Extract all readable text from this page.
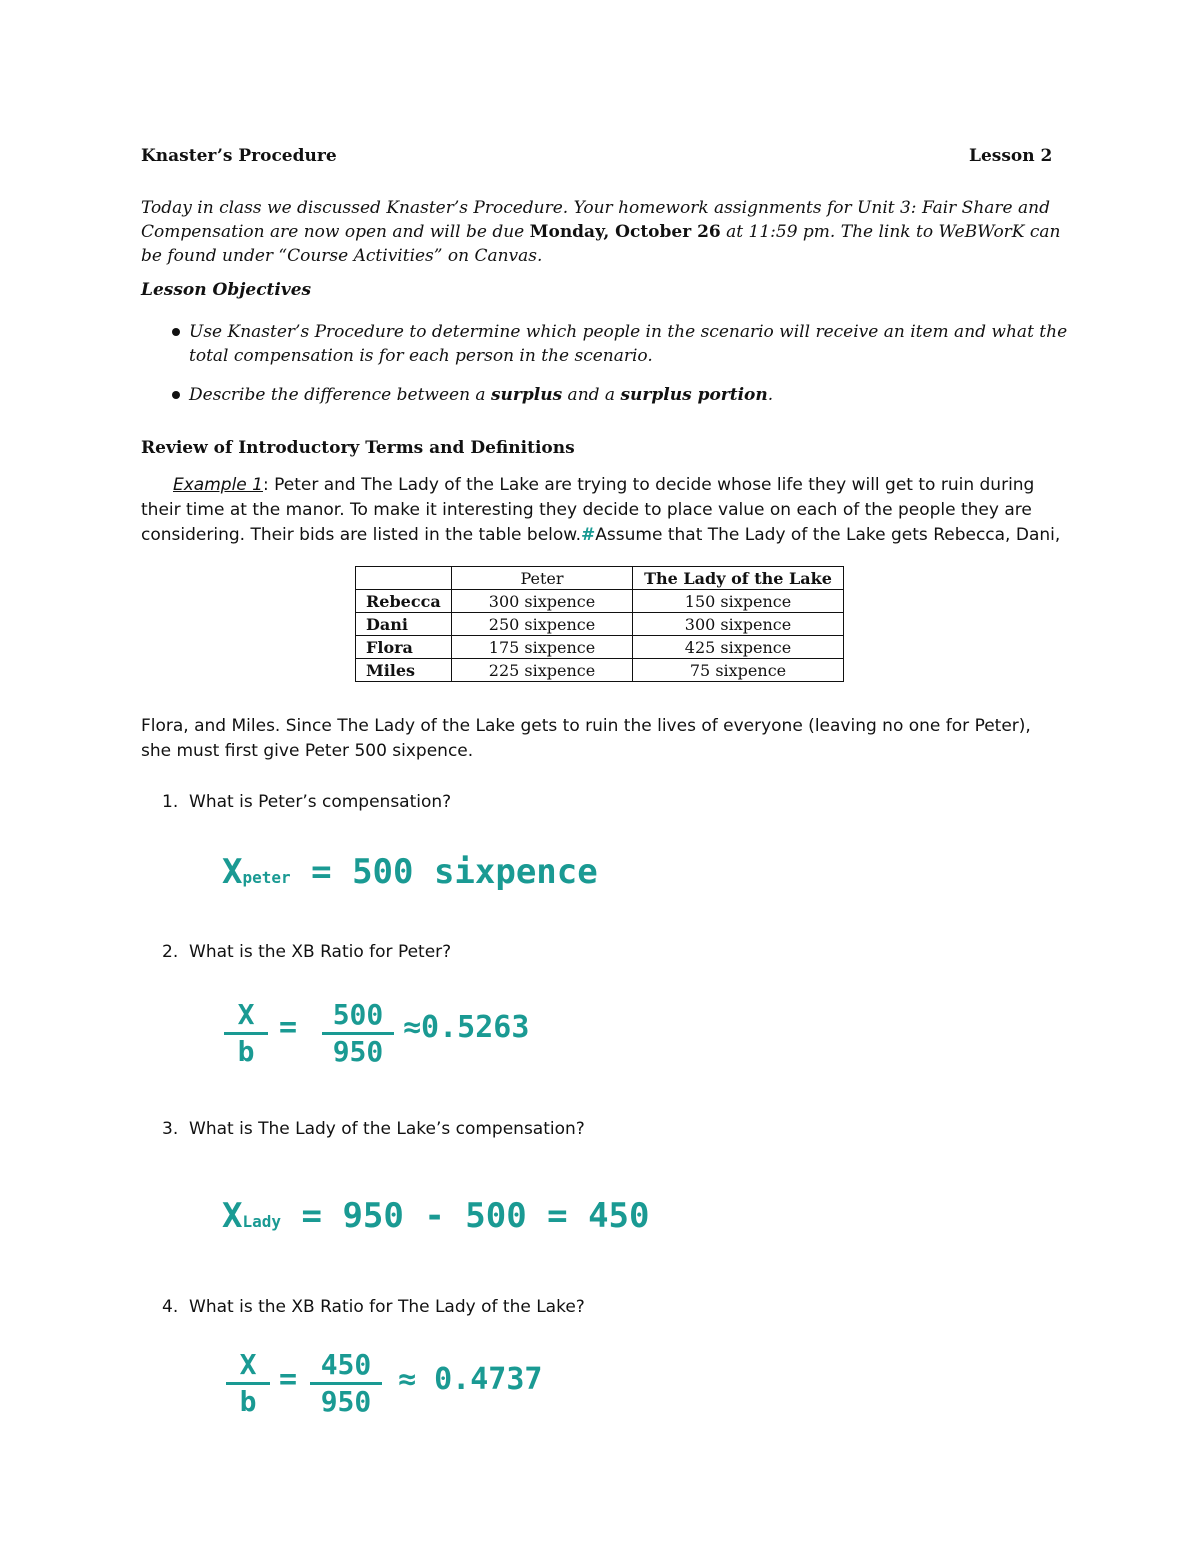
Knaster’s Procedure	Lesson 2
Today in class we discussed Knaster’s Procedure. Your homework assignments for Unit 3: Fair Share and Compensation are now open and will be due Monday, October 26 at 11:59 pm. The link to WeBWorK can be found under “Course Activities” on Canvas.
Lesson Objectives
Use Knaster’s Procedure to determine which people in the scenario will receive an item and what the total compensation is for each person in the scenario.
Describe the difference between a surplus and a surplus portion.
Review of Introductory Terms and Definitions
Example 1: Peter and The Lady of the Lake are trying to decide whose life they will get to ruin during
their time at the manor. To make it interesting they decide to place value on each of the people they are
considering. Their bids are listed in the table below.#Assume that The Lady of the Lake gets Rebecca, Dani,
	Peter	The Lady of the Lake
Rebecca	300 sixpence	150 sixpence
Dani	250 sixpence	300 sixpence
Flora	175 sixpence	425 sixpence
Miles	225 sixpence	75 sixpence
Flora, and Miles. Since The Lady of the Lake gets to ruin the lives of everyone (leaving no one for Peter),
she must first give Peter 500 sixpence.
1. What is Peter’s compensation?
Xpeter = 500 sixpence
2. What is the XB Ratio for Peter?
X
b
=	500
950
≈0.5263
3. What is The Lady of the Lake’s compensation?
XLady = 950 - 500 = 450
4. What is the XB Ratio for The Lady of the Lake?
X
b
= 450
950
≈ 0.4737
